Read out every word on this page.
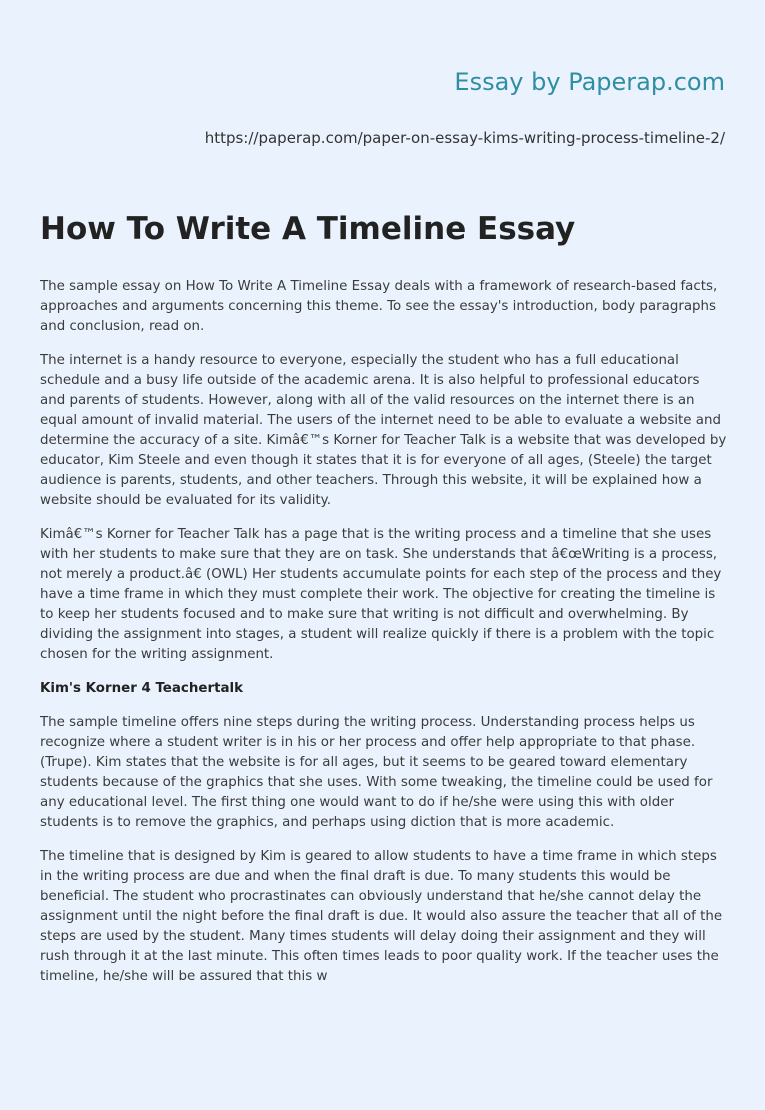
Essay by Paperap.com
https://paperap.com/paper-on-essay-kims-writing-process-timeline-2/
How To Write A Timeline Essay

The sample essay on How To Write A Timeline Essay deals with a framework of research-based facts, approaches and arguments concerning this theme. To see the essay's introduction, body paragraphs and conclusion, read on.

The internet is a handy resource to everyone, especially the student who has a full educational schedule and a busy life outside of the academic arena. It is also helpful to professional educators and parents of students. However, along with all of the valid resources on the internet there is an equal amount of invalid material. The users of the internet need to be able to evaluate a website and determine the accuracy of a site. Kimâ€™s Korner for Teacher Talk is a website that was developed by educator, Kim Steele and even though it states that it is for everyone of all ages, (Steele) the target audience is parents, students, and other teachers. Through this website, it will be explained how a website should be evaluated for its validity.

Kimâ€™s Korner for Teacher Talk has a page that is the writing process and a timeline that she uses with her students to make sure that they are on task. She understands that â€œWriting is a process, not merely a product.â€ (OWL) Her students accumulate points for each step of the process and they have a time frame in which they must complete their work. The objective for creating the timeline is to keep her students focused and to make sure that writing is not difficult and overwhelming. By dividing the assignment into stages, a student will realize quickly if there is a problem with the topic chosen for the writing assignment.

Kim's Korner 4 Teachertalk

The sample timeline offers nine steps during the writing process. Understanding process helps us recognize where a student writer is in his or her process and offer help appropriate to that phase. (Trupe). Kim states that the website is for all ages, but it seems to be geared toward elementary students because of the graphics that she uses. With some tweaking, the timeline could be used for any educational level. The first thing one would want to do if he/she were using this with older students is to remove the graphics, and perhaps using diction that is more academic.

The timeline that is designed by Kim is geared to allow students to have a time frame in which steps in the writing process are due and when the final draft is due. To many students this would be beneficial. The student who procrastinates can obviously understand that he/she cannot delay the assignment until the night before the final draft is due. It would also assure the teacher that all of the steps are used by the student. Many times students will delay doing their assignment and they will rush through it at the last minute. This often times leads to poor quality work. If the teacher uses the timeline, he/she will be assured that this w
